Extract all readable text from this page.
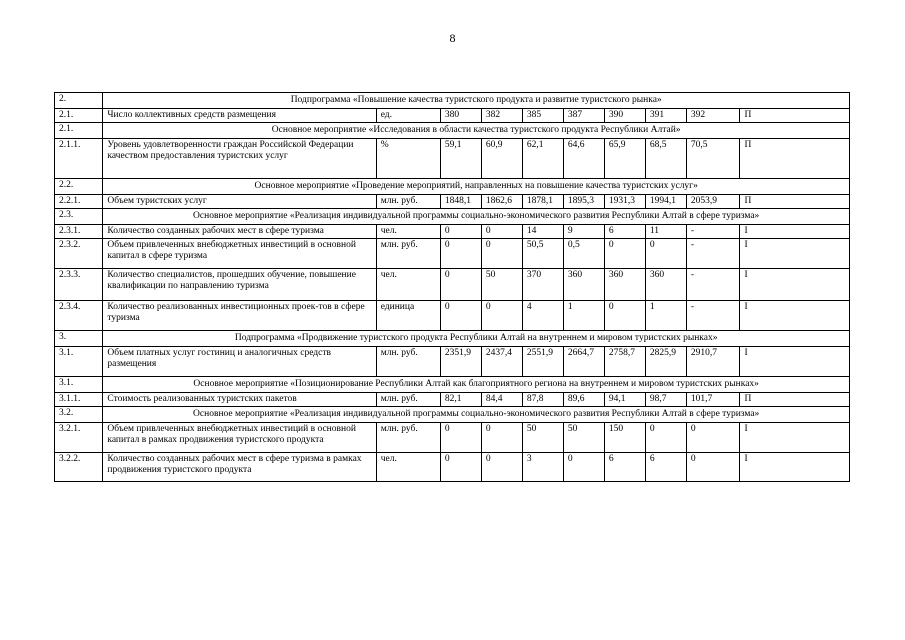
8
2.	Подпрограмма «Повышение качества туристского продукта и развитие туристского рынка»									
2.1.	Число коллективных средств размещения	ед.	380	382	385	387	390	391	392	П
2.1.	Основное мероприятие «Исследования в области качества туристского продукта Республики Алтай»									
2.1.1.	Уровень удовлетворенности граждан Российской Федерации качеством предоставления туристских услуг	%	59,1	60,9	62,1	64,6	65,9	68,5	70,5	П
2.2.	Основное мероприятие «Проведение мероприятий, направленных на повышение качества туристских услуг»									
2.2.1.	Объем туристских услуг	млн. руб.	1848,1	1862,6	1878,1	1895,3	1931,3	1994,1	2053,9	П
2.3.	Основное мероприятие «Реализация индивидуальной программы социально-экономического развития Республики Алтай в сфере туризма»									
2.3.1.	Количество созданных рабочих мест в сфере туризма	чел.	0	0	14	9	6	11	-	I
2.3.2.	Объем привлеченных внебюджетных инвестиций в основной капитал в сфере туризма	млн. руб.	0	0	50,5	0,5	0	0	-	I
2.3.3.	Количество специалистов, прошедших обучение, повышение квалификации по направлению туризма	чел.	0	50	370	360	360	360	-	I
2.3.4.	Количество реализованных инвестиционных проек-тов в сфере туризма	единица	0	0	4	1	0	1	-	I
3.	Подпрограмма «Продвижение туристского продукта Республики Алтай на внутреннем и мировом туристских рынках»									
3.1.	Объем платных услуг гостиниц и аналогичных средств размещения	млн. руб.	2351,9	2437,4	2551,9	2664,7	2758,7	2825,9	2910,7	I
3.1.	Основное мероприятие «Позиционирование Республики Алтай как благоприятного региона на внутреннем и мировом туристских рынках»									
3.1.1.	Стоимость реализованных туристских пакетов	млн. руб.	82,1	84,4	87,8	89,6	94,1	98,7	101,7	П
3.2.	Основное мероприятие «Реализация индивидуальной программы социально-экономического развития Республики Алтай в сфере туризма»									
3.2.1.	Объем привлеченных внебюджетных инвестиций в основной капитал в рамках продвижения туристского продукта	млн. руб.	0	0	50	50	150	0	0	I
3.2.2.	Количество созданных рабочих мест в сфере туризма в рамках продвижения туристского продукта	чел.	0	0	3	0	6	6	0	I
